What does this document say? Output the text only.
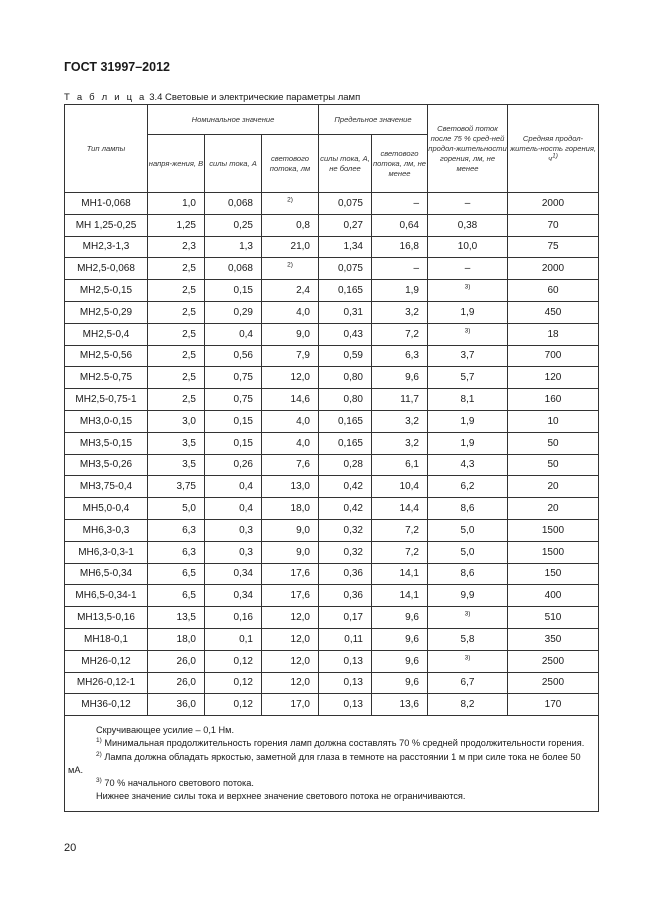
ГОСТ 31997–2012
Т а б л и ц а 3.4 Световые и электрические параметры ламп
Тип лампы	Номинальное значение			Предельное значение		Световой поток после 75 % сред-ней продол-жительности горения, лм, не менее	Средняя продол-житель-ность горения, ч$^{1)}$
	напря-жения, В	силы тока, А	светового потока, лм	силы тока, А, не более	светового потока, лм, не менее		
МН1-0,068	1,0	0,068	$^{2)}$	0,075	–	–	2000
МН 1,25-0,25	1,25	0,25	0,8	0,27	0,64	0,38	70
МН2,3-1,3	2,3	1,3	21,0	1,34	16,8	10,0	75
МН2,5-0,068	2,5	0,068	$^{2)}$	0,075	–	–	2000
МН2,5-0,15	2,5	0,15	2,4	0,165	1,9	$^{3)}$	60
МН2,5-0,29	2,5	0,29	4,0	0,31	3,2	1,9	450
МН2,5-0,4	2,5	0,4	9,0	0,43	7,2	$^{3)}$	18
МН2,5-0,56	2,5	0,56	7,9	0,59	6,3	3,7	700
МН2.5-0,75	2,5	0,75	12,0	0,80	9,6	5,7	120
МН2,5-0,75-1	2,5	0,75	14,6	0,80	11,7	8,1	160
МН3,0-0,15	3,0	0,15	4,0	0,165	3,2	1,9	10
МН3,5-0,15	3,5	0,15	4,0	0,165	3,2	1,9	50
МН3,5-0,26	3,5	0,26	7,6	0,28	6,1	4,3	50
МН3,75-0,4	3,75	0,4	13,0	0,42	10,4	6,2	20
МН5,0-0,4	5,0	0,4	18,0	0,42	14,4	8,6	20
МН6,3-0,3	6,3	0,3	9,0	0,32	7,2	5,0	1500
МН6,3-0,3-1	6,3	0,3	9,0	0,32	7,2	5,0	1500
МН6,5-0,34	6,5	0,34	17,6	0,36	14,1	8,6	150
МН6,5-0,34-1	6,5	0,34	17,6	0,36	14,1	9,9	400
МН13,5-0,16	13,5	0,16	12,0	0,17	9,6	$^{3)}$	510
МН18-0,1	18,0	0,1	12,0	0,11	9,6	5,8	350
МН26-0,12	26,0	0,12	12,0	0,13	9,6	$^{3)}$	2500
МН26-0,12-1	26,0	0,12	12,0	0,13	9,6	6,7	2500
МН36-0,12	36,0	0,12	17,0	0,13	13,6	8,2	170

Скручивающее усилие – 0,1 Нм.
$^{1)}$ Минимальная продолжительность горения ламп должна составлять 70 % средней продолжительности горения.
$^{2)}$ Лампа должна обладать яркостью, заметной для глаза в темноте на расстоянии 1 м при силе тока не более 50 мА.
$^{3)}$ 70 % начального светового потока.
Нижнее значение силы тока и верхнее значение светового потока не ограничиваются.							
20
